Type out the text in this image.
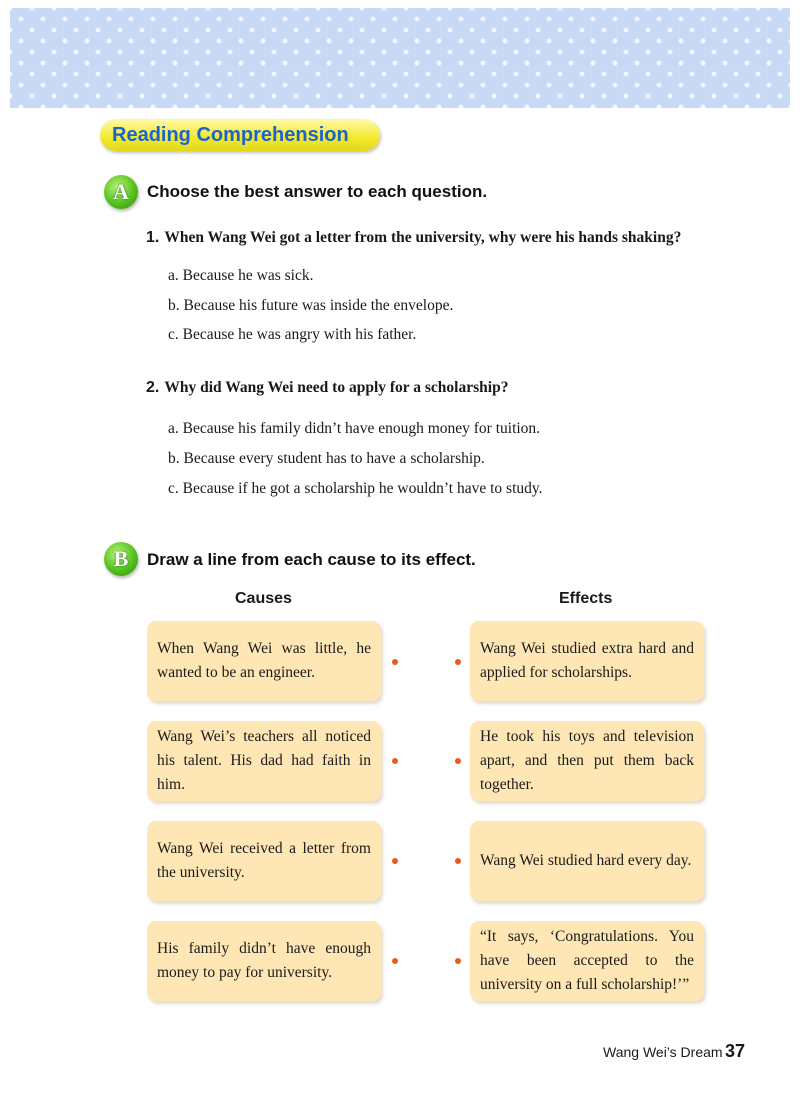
Reading Comprehension
A	Choose the best answer to each question.
1. When Wang Wei got a letter from the university, why were his hands shaking?
a. Because he was sick.
b. Because his future was inside the envelope.
c. Because he was angry with his father.
2. Why did Wang Wei need to apply for a scholarship?
a. Because his family didn’t have enough money for tuition.
b. Because every student has to have a scholarship.
c. Because if he got a scholarship he wouldn’t have to study.
B	Draw a line from each cause to its effect.
Causes	Effects
When Wang Wei was little, he wanted to be an engineer.
Wang Wei’s teachers all noticed his talent. His dad had faith in him.
Wang Wei received a letter from the university.
His family didn’t have enough money to pay for university.
Wang Wei studied extra hard and applied for scholarships.
He took his toys and television apart, and then put them back together.
Wang Wei studied hard every day.
“It says, ‘Congratulations. You have been accepted to the university on a full scholarship!’”
Wang Wei’s Dream 37
